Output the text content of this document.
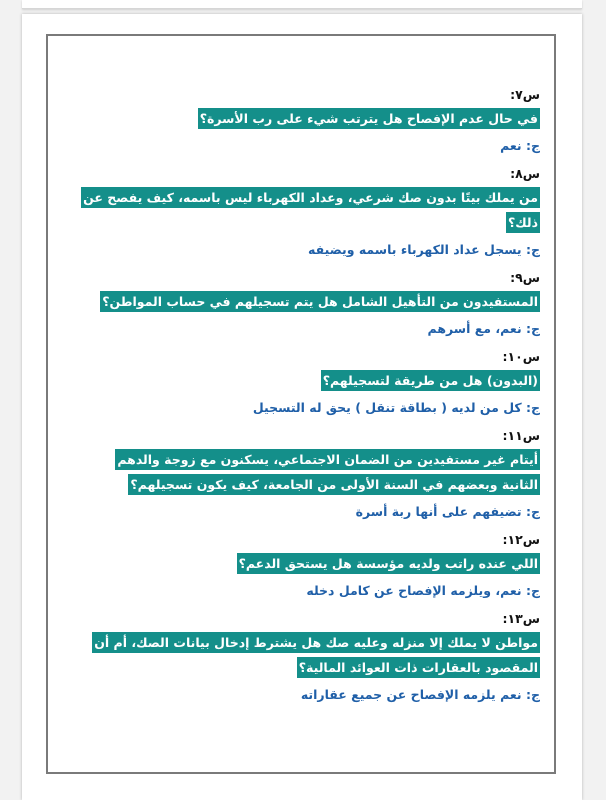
س٧:
في حال عدم الإفصاح هل يترتب شيء على رب الأسرة؟
ج: نعم
س٨:
من يملك بيتًا بدون صك شرعي، وعداد الكهرباء ليس باسمه، كيف يفصح عن ذلك؟
ج: يسجل عداد الكهرباء باسمه ويضيفه
س٩:
المستفيدون من التأهيل الشامل هل يتم تسجيلهم في حساب المواطن؟
ج: نعم، مع أسرهم
س١٠:
(البدون) هل من طريقة لتسجيلهم؟
ج: كل من لديه ( بطاقة تنقل ) يحق له التسجيل
س١١:
أيتام غير مستفيدين من الضمان الاجتماعي، يسكنون مع زوجة والدهم الثانية وبعضهم في السنة الأولى من الجامعة، كيف يكون تسجيلهم؟
ج: تضيفهم على أنها ربة أسرة
س١٢:
اللي عنده راتب ولديه مؤسسة هل يستحق الدعم؟
ج: نعم، ويلزمه الإفصاح عن كامل دخله
س١٣:
مواطن لا يملك إلا منزله وعليه صك هل يشترط إدخال بيانات الصك، أم أن المقصود بالعقارات ذات العوائد المالية؟
ج: نعم يلزمه الإفصاح عن جميع عقاراته
